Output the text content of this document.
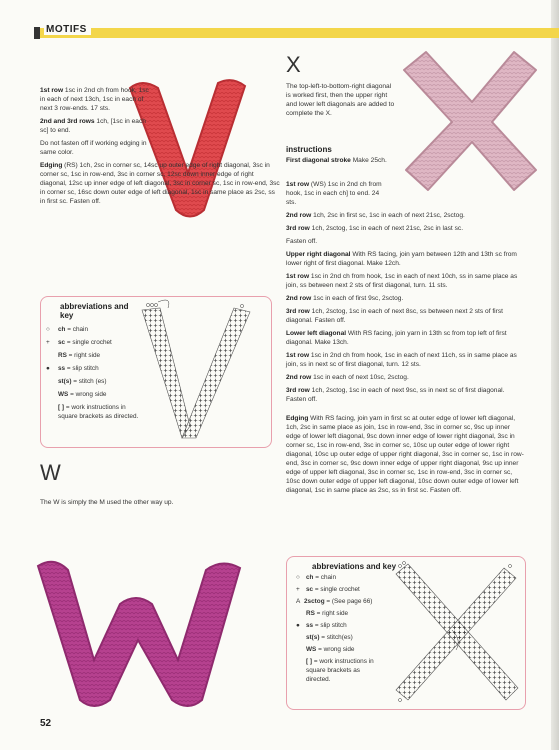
MOTIFS

1st row 1sc in 2nd ch from hook, 1sc in each of next 13ch, 1sc in each of next 3 row-ends. 17 sts.

2nd and 3rd rows 1ch, [1sc in each sc] to end.

Do not fasten off if working edging in same color.

Edging (RS) 1ch, 2sc in corner sc, 14sc up outer edge of right diagonal, 3sc in corner sc, 1sc in row-end, 3sc in corner sc, 12sc down inner edge of right diagonal, 12sc up inner edge of left diagonal, 3sc in corner sc, 1sc in row-end, 3sc in corner sc, 16sc down outer edge of left diagonal, 1sc in same place as 2sc, ss in first sc. Fasten off.

abbreviations and key
○ ch = chain
+ sc = single crochet
RS = right side
● ss = slip stitch
st(s) = stitch (es)
WS = wrong side
[ ] = work instructions in
square brackets as directed.
W
The W is simply the M used the other way up.
X
The top-left-to-bottom-right diagonal is worked first, then the upper right and lower left diagonals are added to complete the X.
instructions
First diagonal stroke Make 25ch.

1st row (WS) 1sc in 2nd ch from hook, 1sc in each ch] to end. 24 sts.

2nd row 1ch, 2sc in first sc, 1sc in each of next 21sc, 2sctog.

3rd row 1ch, 2sctog, 1sc in each of next 21sc, 2sc in last sc.

Fasten off.

Upper right diagonal With RS facing, join yarn between 12th and 13th sc from lower right of first diagonal. Make 12ch.

1st row 1sc in 2nd ch from hook, 1sc in each of next 10ch, ss in same place as join, ss between next 2 sts of first diagonal, turn. 11 sts.

2nd row 1sc in each of first 9sc, 2sctog.

3rd row 1ch, 2sctog, 1sc in each of next 8sc, ss between next 2 sts of first diagonal. Fasten off.

Lower left diagonal With RS facing, join yarn in 13th sc from top left of first diagonal. Make 13ch.

1st row 1sc in 2nd ch from hook, 1sc in each of next 11ch, ss in same place as join, ss in next sc of first diagonal, turn. 12 sts.

2nd row 1sc in each of next 10sc, 2sctog.

3rd row 1ch, 2sctog, 1sc in each of next 9sc, ss in next sc of first diagonal. Fasten off.

Edging With RS facing, join yarn in first sc at outer edge of lower left diagonal, 1ch, 2sc in same place as join, 1sc in row-end, 3sc in corner sc, 9sc up inner edge of lower left diagonal, 9sc down inner edge of lower right diagonal, 3sc in corner sc, 1sc in row-end, 3sc in corner sc, 10sc up outer edge of lower right diagonal, 10sc up outer edge of upper right diagonal, 3sc in corner sc, 1sc in row-end, 3sc in corner sc, 9sc down inner edge of upper right diagonal, 9sc up inner edge of upper left diagonal, 3sc in corner sc, 1sc in row-end, 3sc in corner sc, 10sc down outer edge of upper left diagonal, 10sc down outer edge of lower left diagonal, 1sc in same place as 2sc, ss in first sc. Fasten off.

abbreviations and key
○ ch = chain
+ sc = single crochet
A 2sctog = (See page 66)
RS = right side
● ss = slip stitch
st(s) = stitch(es)
WS = wrong side
[ ] = work instructions in
square brackets as
directed.
52
